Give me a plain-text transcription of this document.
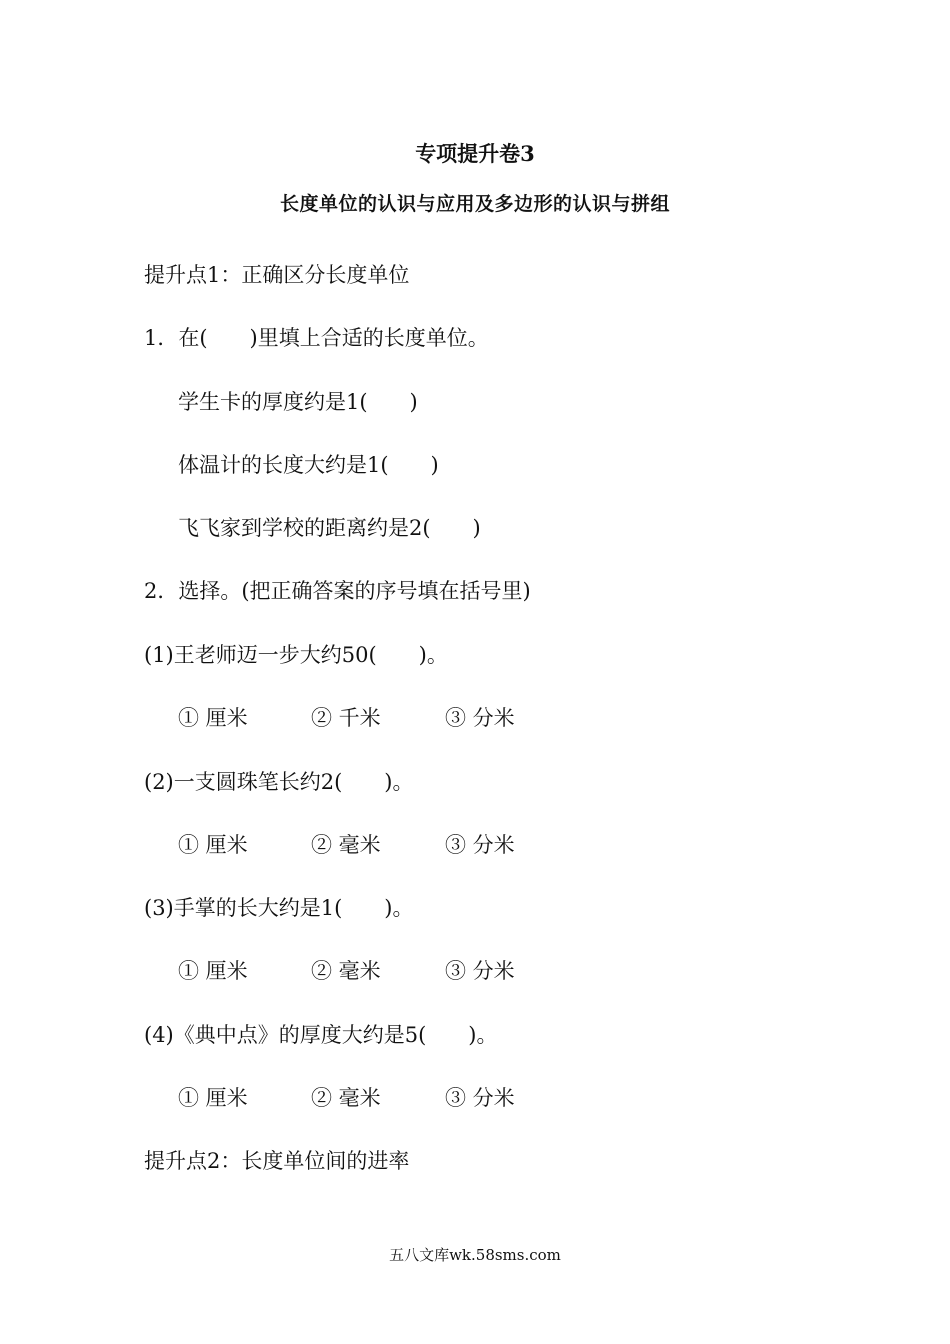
专项提升卷3
长度单位的认识与应用及多边形的认识与拼组
提升点1：正确区分长度单位
1．在(　　)里填上合适的长度单位。
学生卡的厚度约是1(　　)
体温计的长度大约是1(　　)
飞飞家到学校的距离约是2(　　)
2．选择。(把正确答案的序号填在括号里)
(1)王老师迈一步大约50(　　)。
① 厘米	② 千米	③ 分米
(2)一支圆珠笔长约2(　　)。
① 厘米	② 毫米	③ 分米
(3)手掌的长大约是1(　　)。
① 厘米	② 毫米	③ 分米
(4)《典中点》的厚度大约是5(　　)。
① 厘米	② 毫米	③ 分米
提升点2：长度单位间的进率
五八文库wk.58sms.com
